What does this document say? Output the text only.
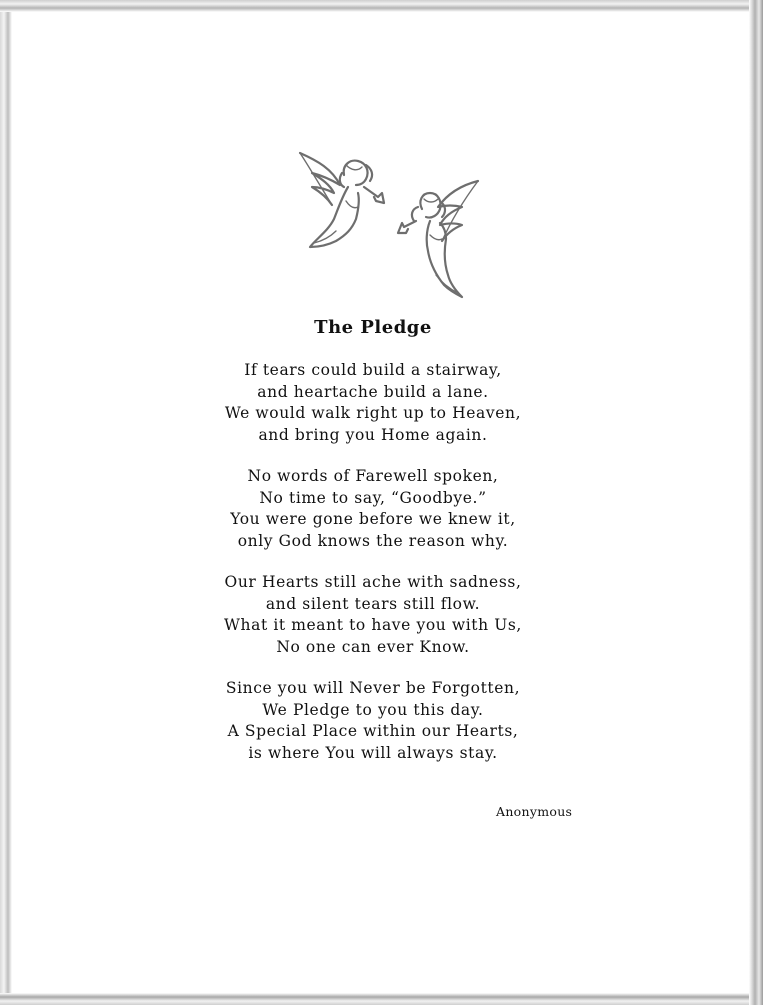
The Pledge
If tears could build a stairway,
and heartache build a lane.
We would walk right up to Heaven,
and bring you Home again.
No words of Farewell spoken,
No time to say, “Goodbye.”
You were gone before we knew it,
only God knows the reason why.
Our Hearts still ache with sadness,
and silent tears still flow.
What it meant to have you with Us,
No one can ever Know.
Since you will Never be Forgotten,
We Pledge to you this day.
A Special Place within our Hearts,
is where You will always stay.
Anonymous
